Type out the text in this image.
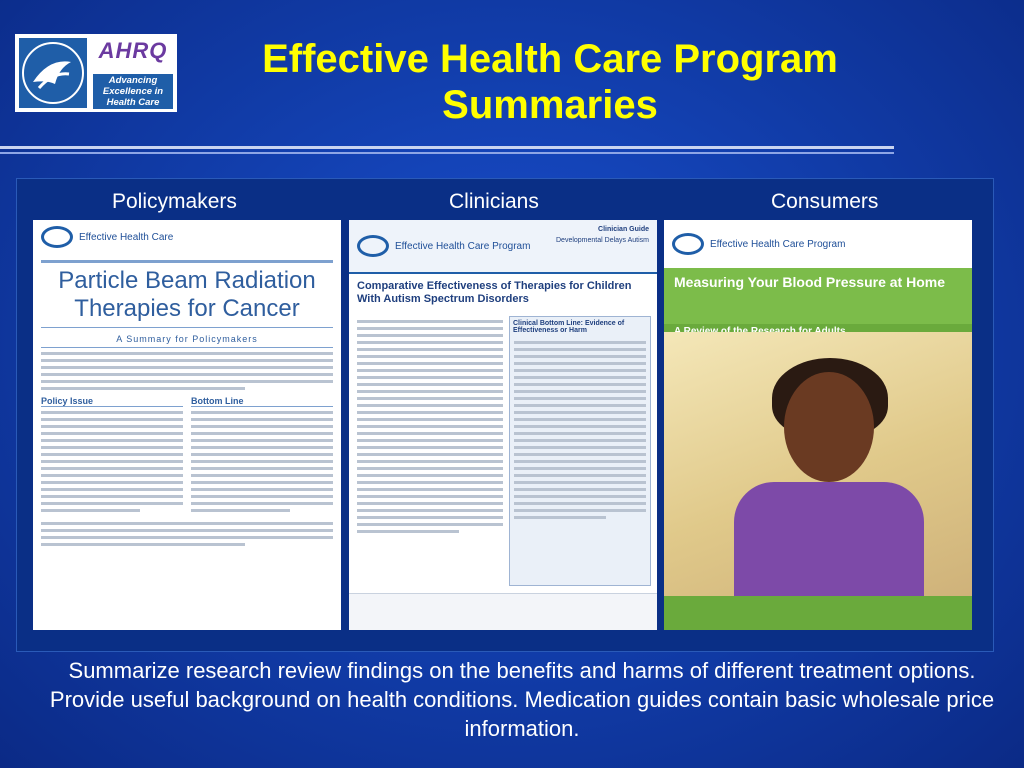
AHRQ
Advancing Excellence in Health Care
Effective Health Care Program
Summaries
Policymakers	Clinicians	Consumers
Effective Health Care
Particle Beam Radiation Therapies for Cancer
A Summary for Policymakers
Policy Issue	Bottom Line
Effective Health Care Program
Clinician Guide
Developmental Delays Autism
Comparative Effectiveness of Therapies for Children With Autism Spectrum Disorders
Clinical Bottom Line: Evidence of Effectiveness or Harm
Effective Health Care Program
Measuring Your Blood Pressure at Home
Summarize research review findings on the benefits and harms of different treatment options. Provide useful background on health conditions. Medication guides contain basic wholesale price information.
